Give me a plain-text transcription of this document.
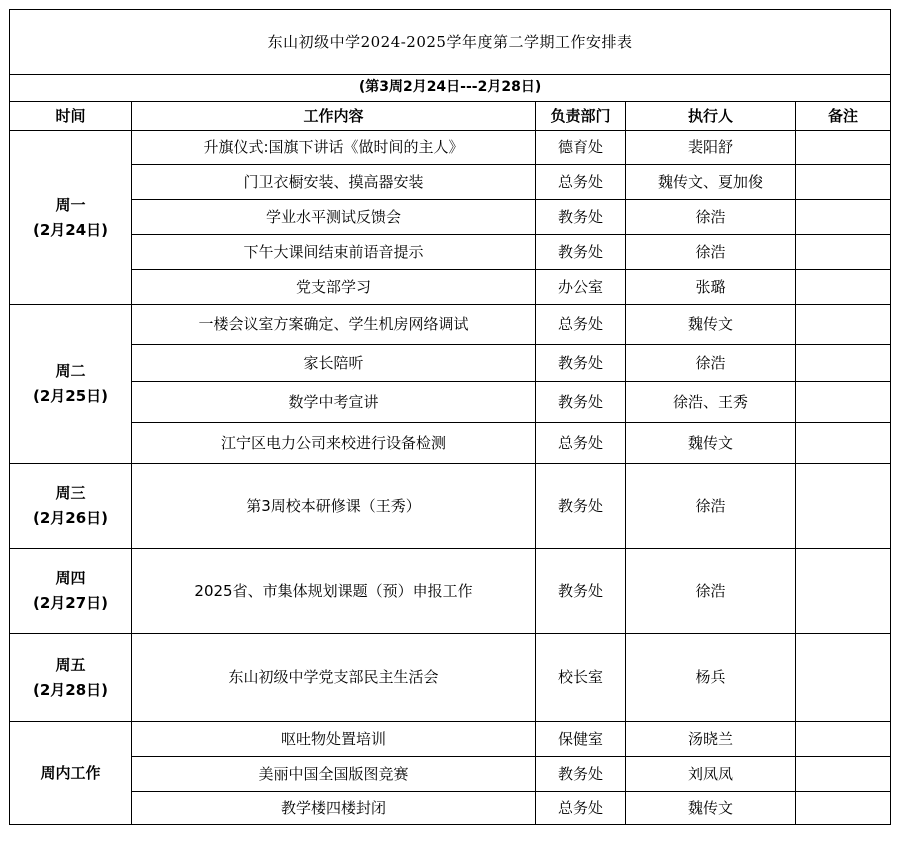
东山初级中学2024-2025学年度第二学期工作安排表				
(第3周2月24日---2月28日)				
时间	工作内容	负责部门	执行人	备注

周一
(2月24日)	升旗仪式:国旗下讲话《做时间的主人》	德育处	裴阳舒	
	门卫衣橱安装、摸高器安装	总务处	魏传文、夏加俊	
	学业水平测试反馈会	教务处	徐浩	
	下午大课间结束前语音提示	教务处	徐浩	
	党支部学习	办公室	张璐	

周二
(2月25日)	一楼会议室方案确定、学生机房网络调试	总务处	魏传文	
	家长陪听	教务处	徐浩	
	数学中考宣讲	教务处	徐浩、王秀	
	江宁区电力公司来校进行设备检测	总务处	魏传文	

周三
(2月26日)	第3周校本研修课（王秀）	教务处	徐浩	

周四
(2月27日)	2025省、市集体规划课题（预）申报工作	教务处	徐浩	

周五
(2月28日)	东山初级中学党支部民主生活会	校长室	杨兵	

周内工作	呕吐物处置培训	保健室	汤晓兰	
	美丽中国全国版图竞赛	教务处	刘凤凤	
	教学楼四楼封闭	总务处	魏传文	
